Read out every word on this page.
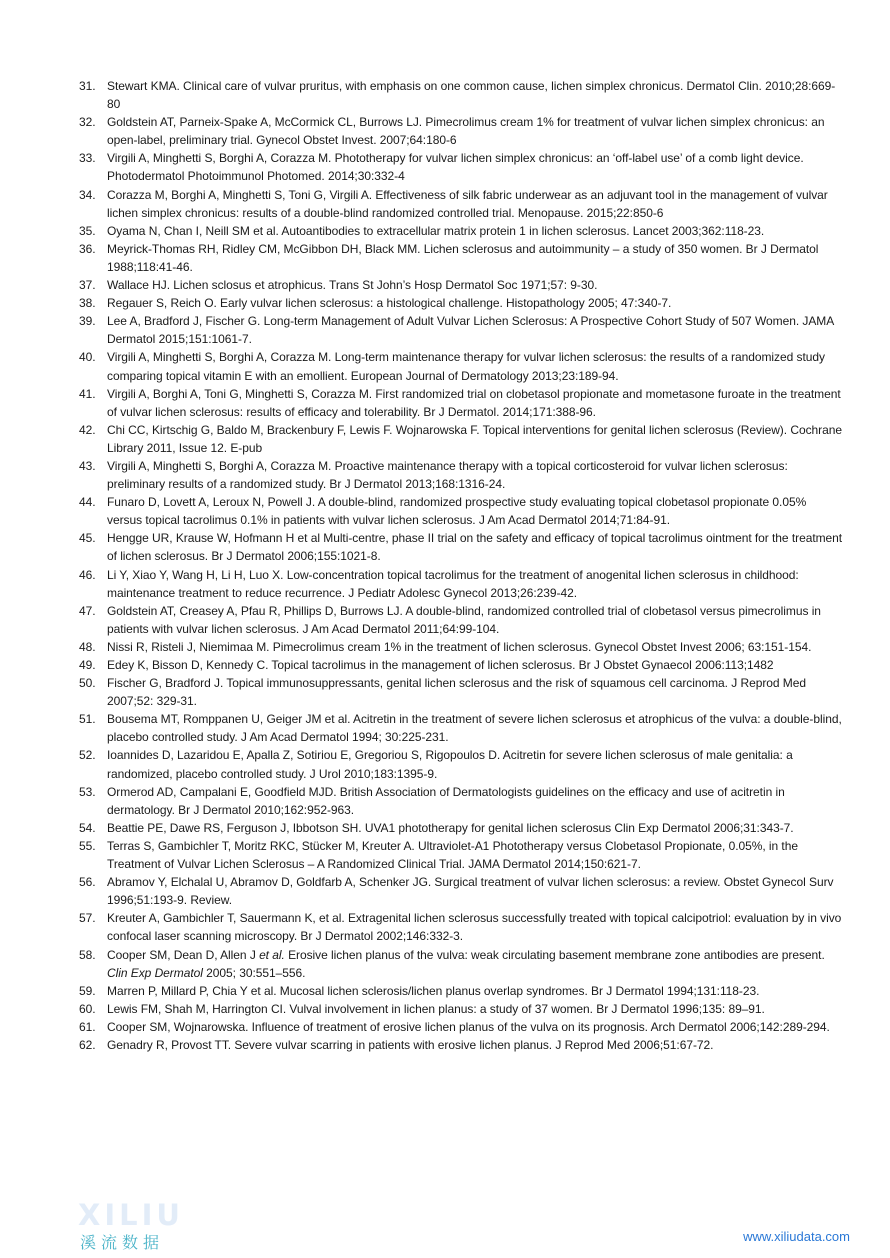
31. Stewart KMA. Clinical care of vulvar pruritus, with emphasis on one common cause, lichen simplex chronicus. Dermatol Clin. 2010;28:669-80
32. Goldstein AT, Parneix-Spake A, McCormick CL, Burrows LJ. Pimecrolimus cream 1% for treatment of vulvar lichen simplex chronicus: an open-label, preliminary trial. Gynecol Obstet Invest. 2007;64:180-6
33. Virgili A, Minghetti S, Borghi A, Corazza M. Phototherapy for vulvar lichen simplex chronicus: an ‘off-label use’ of a comb light device. Photodermatol Photoimmunol Photomed. 2014;30:332-4
34. Corazza M, Borghi A, Minghetti S, Toni G, Virgili A. Effectiveness of silk fabric underwear as an adjuvant tool in the management of vulvar lichen simplex chronicus: results of a double-blind randomized controlled trial. Menopause. 2015;22:850-6
35. Oyama N, Chan I, Neill SM et al. Autoantibodies to extracellular matrix protein 1 in lichen sclerosus. Lancet 2003;362:118-23.
36. Meyrick-Thomas RH, Ridley CM, McGibbon DH, Black MM. Lichen sclerosus and autoimmunity – a study of 350 women. Br J Dermatol 1988;118:41-46.
37. Wallace HJ. Lichen sclosus et atrophicus. Trans St John’s Hosp Dermatol Soc 1971;57: 9-30.
38. Regauer S, Reich O. Early vulvar lichen sclerosus: a histological challenge. Histopathology 2005; 47:340-7.
39. Lee A, Bradford J, Fischer G. Long-term Management of Adult Vulvar Lichen Sclerosus: A Prospective Cohort Study of 507 Women. JAMA Dermatol 2015;151:1061-7.
40. Virgili A, Minghetti S, Borghi A, Corazza M. Long-term maintenance therapy for vulvar lichen sclerosus: the results of a randomized study comparing topical vitamin E with an emollient. European Journal of Dermatology 2013;23:189-94.
41. Virgili A, Borghi A, Toni G, Minghetti S, Corazza M. First randomized trial on clobetasol propionate and mometasone furoate in the treatment of vulvar lichen sclerosus: results of efficacy and tolerability. Br J Dermatol. 2014;171:388-96.
42. Chi CC, Kirtschig G, Baldo M, Brackenbury F, Lewis F. Wojnarowska F. Topical interventions for genital lichen sclerosus (Review). Cochrane Library 2011, Issue 12. E-pub
43. Virgili A, Minghetti S, Borghi A, Corazza M. Proactive maintenance therapy with a topical corticosteroid for vulvar lichen sclerosus: preliminary results of a randomized study. Br J Dermatol 2013;168:1316-24.
44. Funaro D, Lovett A, Leroux N, Powell J. A double-blind, randomized prospective study evaluating topical clobetasol propionate 0.05% versus topical tacrolimus 0.1% in patients with vulvar lichen sclerosus. J Am Acad Dermatol 2014;71:84-91.
45. Hengge UR, Krause W, Hofmann H et al Multi-centre, phase II trial on the safety and efficacy of topical tacrolimus ointment for the treatment of lichen sclerosus. Br J Dermatol 2006;155:1021-8.
46. Li Y, Xiao Y, Wang H, Li H, Luo X. Low-concentration topical tacrolimus for the treatment of anogenital lichen sclerosus in childhood: maintenance treatment to reduce recurrence. J Pediatr Adolesc Gynecol 2013;26:239-42.
47. Goldstein AT, Creasey A, Pfau R, Phillips D, Burrows LJ. A double-blind, randomized controlled trial of clobetasol versus pimecrolimus in patients with vulvar lichen sclerosus. J Am Acad Dermatol 2011;64:99-104.
48. Nissi R, Risteli J, Niemimaa M. Pimecrolimus cream 1% in the treatment of lichen sclerosus. Gynecol Obstet Invest 2006; 63:151-154.
49. Edey K, Bisson D, Kennedy C. Topical tacrolimus in the management of lichen sclerosus. Br J Obstet Gynaecol 2006:113;1482
50. Fischer G, Bradford J. Topical immunosuppressants, genital lichen sclerosus and the risk of squamous cell carcinoma. J Reprod Med 2007;52: 329-31.
51. Bousema MT, Romppanen U, Geiger JM et al. Acitretin in the treatment of severe lichen sclerosus et atrophicus of the vulva: a double-blind, placebo controlled study. J Am Acad Dermatol 1994; 30:225-231.
52. Ioannides D, Lazaridou E, Apalla Z, Sotiriou E, Gregoriou S, Rigopoulos D. Acitretin for severe lichen sclerosus of male genitalia: a randomized, placebo controlled study. J Urol 2010;183:1395-9.
53. Ormerod AD, Campalani E, Goodfield MJD. British Association of Dermatologists guidelines on the efficacy and use of acitretin in dermatology. Br J Dermatol 2010;162:952-963.
54. Beattie PE, Dawe RS, Ferguson J, Ibbotson SH. UVA1 phototherapy for genital lichen sclerosus Clin Exp Dermatol 2006;31:343-7.
55. Terras S, Gambichler T, Moritz RKC, Stücker M, Kreuter A. Ultraviolet-A1 Phototherapy versus Clobetasol Propionate, 0.05%, in the Treatment of Vulvar Lichen Sclerosus – A Randomized Clinical Trial. JAMA Dermatol 2014;150:621-7.
56. Abramov Y, Elchalal U, Abramov D, Goldfarb A, Schenker JG. Surgical treatment of vulvar lichen sclerosus: a review. Obstet Gynecol Surv 1996;51:193-9. Review.
57. Kreuter A, Gambichler T, Sauermann K, et al. Extragenital lichen sclerosus successfully treated with topical calcipotriol: evaluation by in vivo confocal laser scanning microscopy. Br J Dermatol 2002;146:332-3.
58. Cooper SM, Dean D, Allen J et al. Erosive lichen planus of the vulva: weak circulating basement membrane zone antibodies are present. Clin Exp Dermatol 2005; 30:551–556.
59. Marren P, Millard P, Chia Y et al. Mucosal lichen sclerosis/lichen planus overlap syndromes. Br J Dermatol 1994;131:118-23.
60. Lewis FM, Shah M, Harrington CI. Vulval involvement in lichen planus: a study of 37 women. Br J Dermatol 1996;135: 89–91.
61. Cooper SM, Wojnarowska. Influence of treatment of erosive lichen planus of the vulva on its prognosis. Arch Dermatol 2006;142:289-294.
62. Genadry R, Provost TT. Severe vulvar scarring in patients with erosive lichen planus. J Reprod Med 2006;51:67-72.
XILIU
溪流数据	www.xiliudata.com
